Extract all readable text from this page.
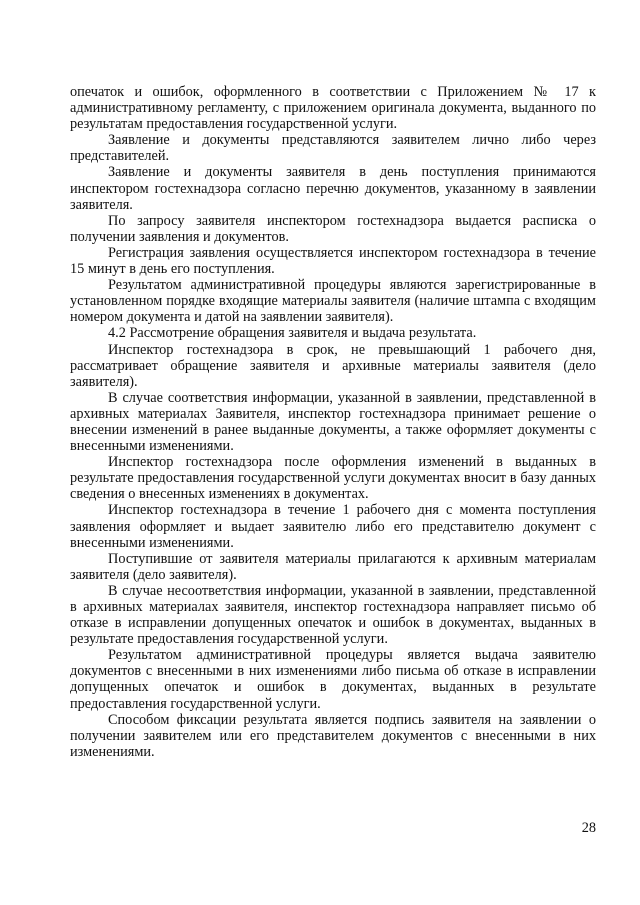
опечаток и ошибок, оформленного в соответствии с Приложением № 17 к административному регламенту, с приложением оригинала документа, выданного по результатам предоставления государственной услуги.

Заявление и документы представляются заявителем лично либо через представителей.

Заявление и документы заявителя в день поступления принимаются инспектором гостехнадзора согласно перечню документов, указанному в заявлении заявителя.

По запросу заявителя инспектором гостехнадзора выдается расписка о получении заявления и документов.

Регистрация заявления осуществляется инспектором гостехнадзора в течение 15 минут в день его поступления.

Результатом административной процедуры являются зарегистрированные в установленном порядке входящие материалы заявителя (наличие штампа с входящим номером документа и датой на заявлении заявителя).

4.2 Рассмотрение обращения заявителя и выдача результата.

Инспектор гостехнадзора в срок, не превышающий 1 рабочего дня, рассматривает обращение заявителя и архивные материалы заявителя (дело заявителя).

В случае соответствия информации, указанной в заявлении, представленной в архивных материалах Заявителя, инспектор гостехнадзора принимает решение о внесении изменений в ранее выданные документы, а также оформляет документы с внесенными изменениями.

Инспектор гостехнадзора после оформления изменений в выданных в результате предоставления государственной услуги документах вносит в базу данных сведения о внесенных изменениях в документах.

Инспектор гостехнадзора в течение 1 рабочего дня с момента поступления заявления оформляет и выдает заявителю либо его представителю документ с внесенными изменениями.

Поступившие от заявителя материалы прилагаются к архивным материалам заявителя (дело заявителя).

В случае несоответствия информации, указанной в заявлении, представленной в архивных материалах заявителя, инспектор гостехнадзора направляет письмо об отказе в исправлении допущенных опечаток и ошибок в документах, выданных в результате предоставления государственной услуги.

Результатом административной процедуры является выдача заявителю документов с внесенными в них изменениями либо письма об отказе в исправлении допущенных опечаток и ошибок в документах, выданных в результате предоставления государственной услуги.

Способом фиксации результата является подпись заявителя на заявлении о получении заявителем или его представителем документов с внесенными в них изменениями.

28
